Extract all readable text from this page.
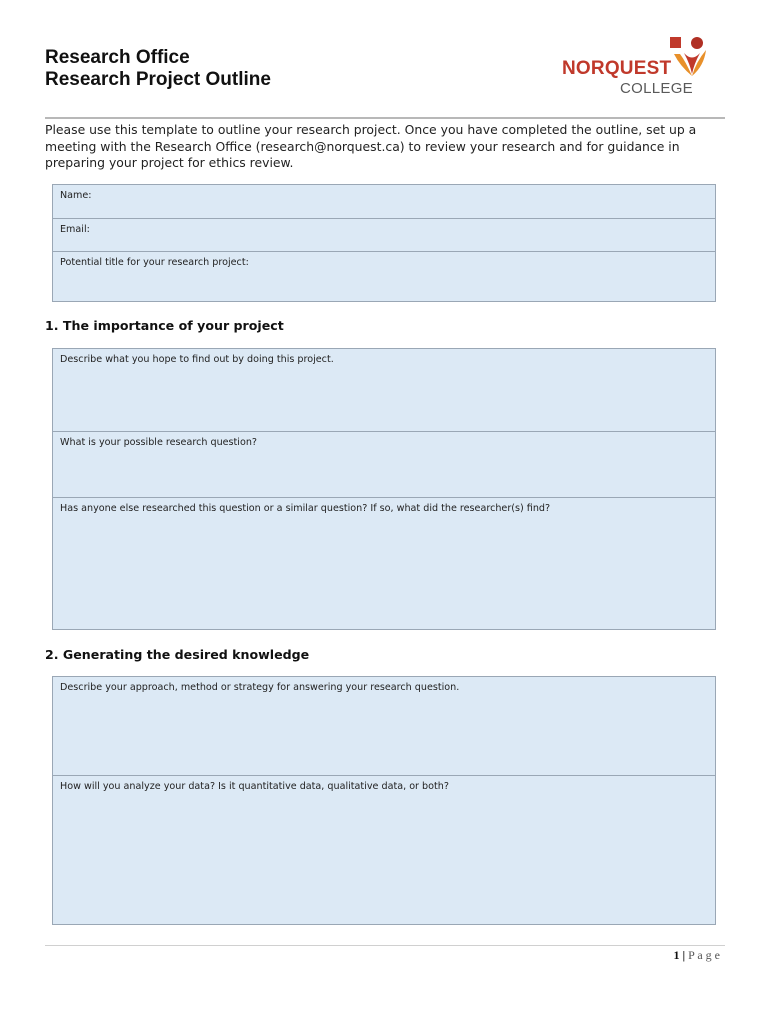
Research Office
Research Project Outline
NORQUEST
COLLEGE
Please use this template to outline your research project. Once you have completed the outline, set up a meeting with the Research Office (research@norquest.ca) to review your research and for guidance in preparing your project for ethics review.
Name:
Email:
Potential title for your research project:
1. The importance of your project
Describe what you hope to find out by doing this project.
What is your possible research question?
Has anyone else researched this question or a similar question? If so, what did the researcher(s) find?
2. Generating the desired knowledge
Describe your approach, method or strategy for answering your research question.
How will you analyze your data? Is it quantitative data, qualitative data, or both?
1 | P a g e
